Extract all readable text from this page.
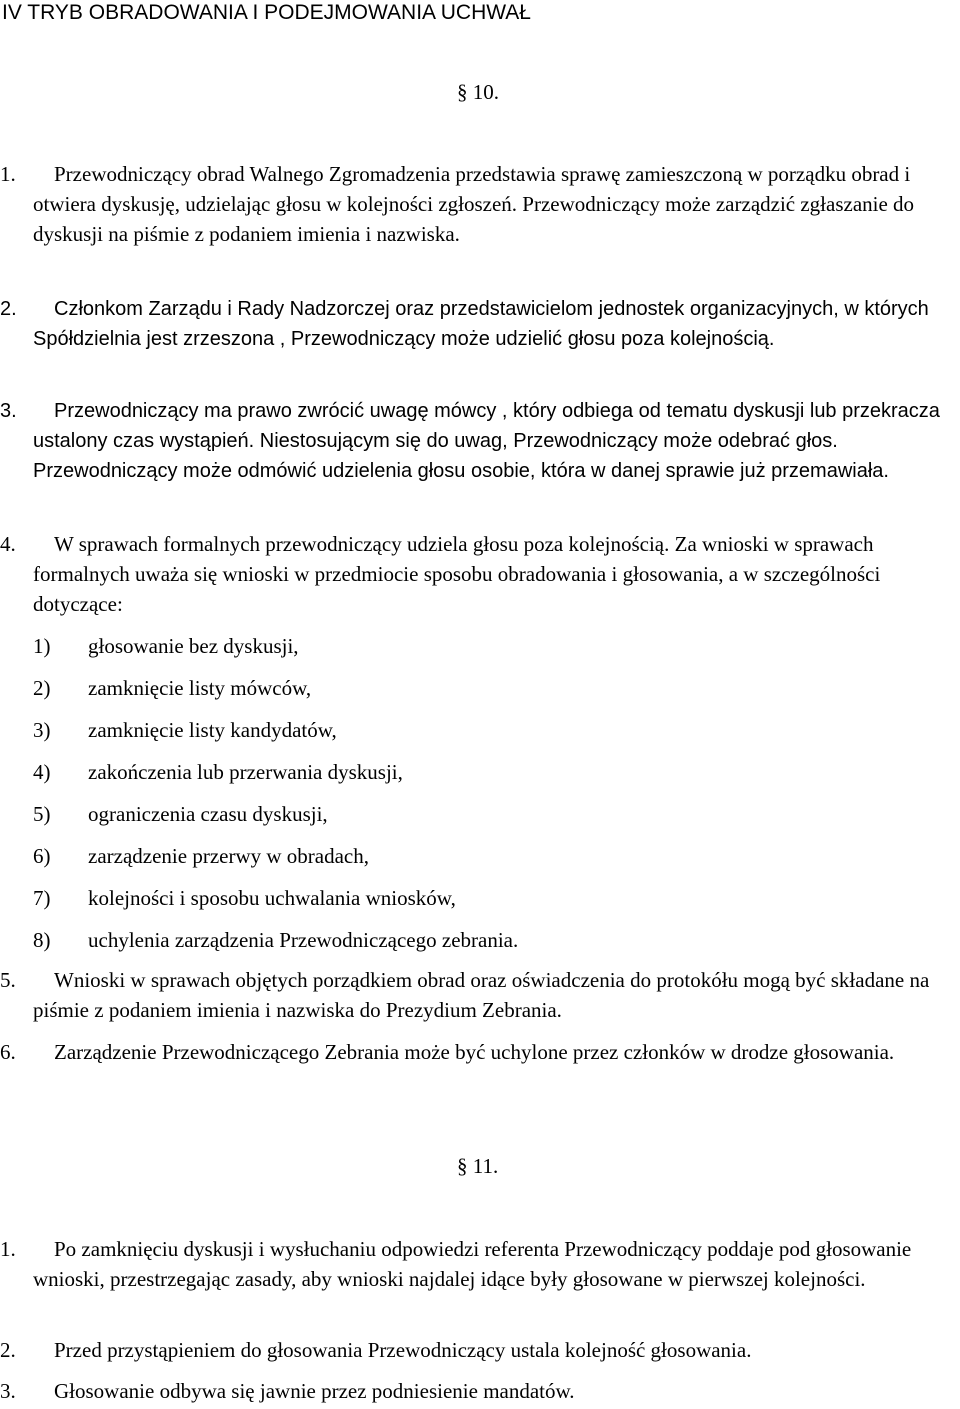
IV TRYB OBRADOWANIA I PODEJMOWANIA UCHWAŁ
§ 10.
1.	Przewodniczący obrad Walnego Zgromadzenia przedstawia sprawę zamieszczoną w porządku obrad i otwiera dyskusję, udzielając głosu w kolejności zgłoszeń. Przewodniczący może zarządzić zgłaszanie do dyskusji na piśmie z podaniem imienia i nazwiska.

2.	Członkom Zarządu i Rady Nadzorczej oraz przedstawicielom jednostek organizacyjnych, w których Spółdzielnia jest zrzeszona , Przewodniczący może udzielić głosu poza kolejnością.

3.	Przewodniczący ma prawo zwrócić uwagę mówcy , który odbiega od tematu dyskusji lub przekracza ustalony czas wystąpień. Niestosującym się do uwag, Przewodniczący może odebrać głos. Przewodniczący może odmówić udzielenia głosu osobie, która w danej sprawie już przemawiała.

4.	W sprawach formalnych przewodniczący udziela głosu poza kolejnością. Za wnioski w sprawach formalnych uważa się wnioski w przedmiocie sposobu obradowania i głosowania, a w szczególności dotyczące:

1) głosowanie bez dyskusji,
2) zamknięcie listy mówców,
3) zamknięcie listy kandydatów,
4) zakończenia lub przerwania dyskusji,
5) ograniczenia czasu dyskusji,
6) zarządzenie przerwy w obradach,
7) kolejności i sposobu uchwalania wniosków,
8) uchylenia zarządzenia Przewodniczącego zebrania.
5.	Wnioski w sprawach objętych porządkiem obrad oraz oświadczenia do protokółu mogą być składane na piśmie z podaniem imienia i nazwiska do Prezydium Zebrania.

6.	Zarządzenie Przewodniczącego Zebrania może być uchylone przez członków w drodze głosowania.

§ 11.
1.	Po zamknięciu dyskusji i wysłuchaniu odpowiedzi referenta Przewodniczący poddaje pod głosowanie wnioski, przestrzegając zasady, aby wnioski najdalej idące były głosowane w pierwszej kolejności.

2.	Przed przystąpieniem do głosowania Przewodniczący ustala kolejność głosowania.

3.	Głosowanie odbywa się jawnie przez podniesienie mandatów.
